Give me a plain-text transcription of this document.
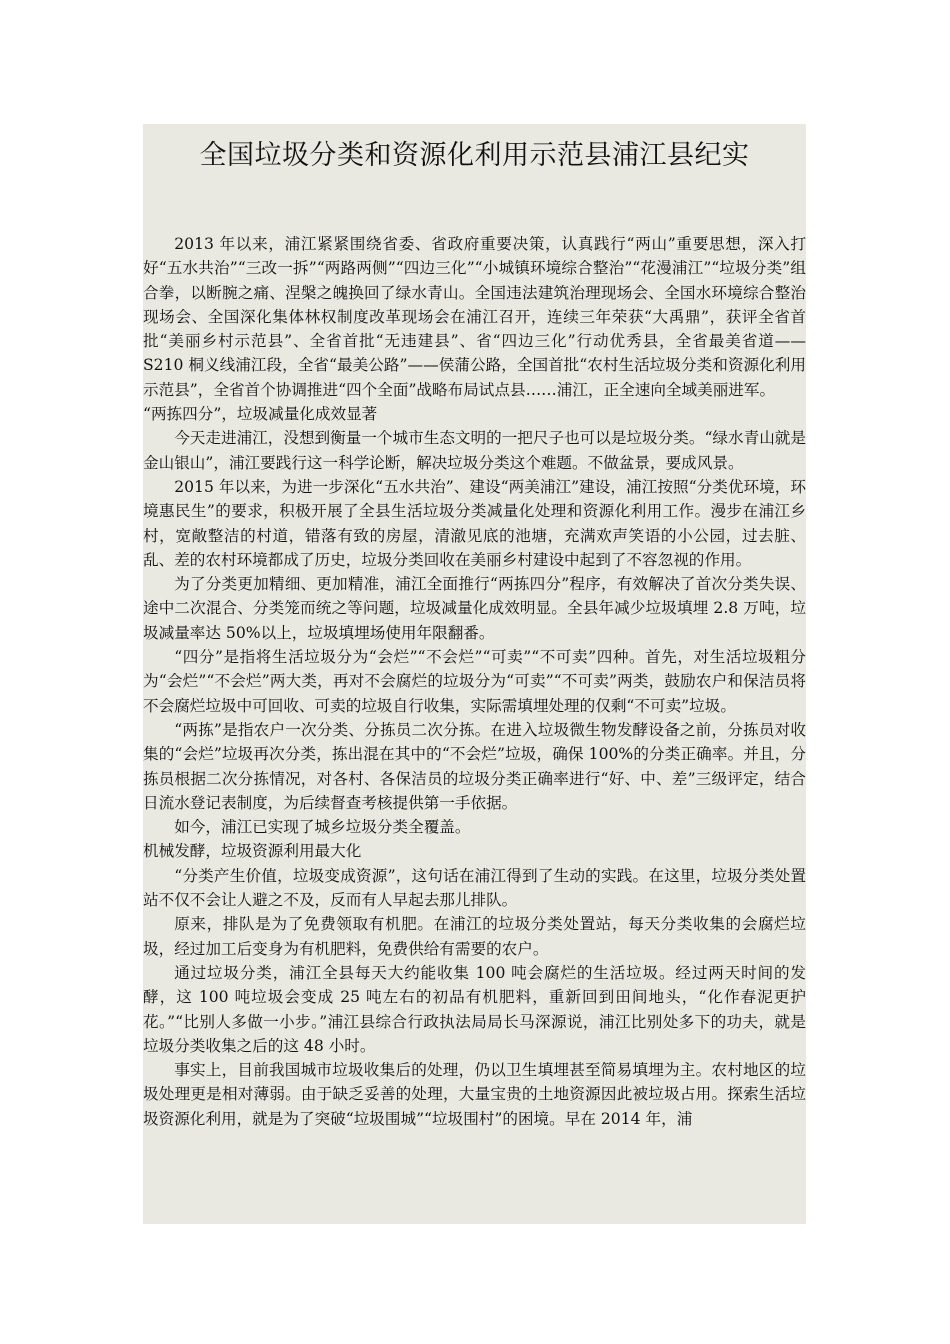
全国垃圾分类和资源化利用示范县浦江县纪实

2013 年以来，浦江紧紧围绕省委、省政府重要决策，认真践行“两山”重要思想，深入打好“五水共治”“三改一拆”“两路两侧”“四边三化”“小城镇环境综合整治”“花漫浦江”“垃圾分类”组合拳，以断腕之痛、涅槃之魄换回了绿水青山。全国违法建筑治理现场会、全国水环境综合整治现场会、全国深化集体林权制度改革现场会在浦江召开，连续三年荣获“大禹鼎”，获评全省首批“美丽乡村示范县”、全省首批“无违建县”、省“四边三化”行动优秀县，全省最美省道——S210 桐义线浦江段，全省“最美公路”——侯蒲公路，全国首批“农村生活垃圾分类和资源化利用示范县”，全省首个协调推进“四个全面”战略布局试点县……浦江，正全速向全域美丽进军。

“两拣四分”，垃圾减量化成效显著

今天走进浦江，没想到衡量一个城市生态文明的一把尺子也可以是垃圾分类。“绿水青山就是金山银山”，浦江要践行这一科学论断，解决垃圾分类这个难题。不做盆景，要成风景。

2015 年以来，为进一步深化“五水共治”、建设“两美浦江”建设，浦江按照“分类优环境，环境惠民生”的要求，积极开展了全县生活垃圾分类减量化处理和资源化利用工作。漫步在浦江乡村，宽敞整洁的村道，错落有致的房屋，清澈见底的池塘，充满欢声笑语的小公园，过去脏、乱、差的农村环境都成了历史，垃圾分类回收在美丽乡村建设中起到了不容忽视的作用。

为了分类更加精细、更加精准，浦江全面推行“两拣四分”程序，有效解决了首次分类失误、途中二次混合、分类笼而统之等问题，垃圾减量化成效明显。全县年减少垃圾填埋 2.8 万吨，垃圾减量率达 50%以上，垃圾填埋场使用年限翻番。

“四分”是指将生活垃圾分为“会烂”“不会烂”“可卖”“不可卖”四种。首先，对生活垃圾粗分为“会烂”“不会烂”两大类，再对不会腐烂的垃圾分为“可卖”“不可卖”两类，鼓励农户和保洁员将不会腐烂垃圾中可回收、可卖的垃圾自行收集，实际需填埋处理的仅剩“不可卖”垃圾。

“两拣”是指农户一次分类、分拣员二次分拣。在进入垃圾微生物发酵设备之前，分拣员对收集的“会烂”垃圾再次分类，拣出混在其中的“不会烂”垃圾，确保 100%的分类正确率。并且，分拣员根据二次分拣情况，对各村、各保洁员的垃圾分类正确率进行“好、中、差”三级评定，结合日流水登记表制度，为后续督查考核提供第一手依据。

如今，浦江已实现了城乡垃圾分类全覆盖。

机械发酵，垃圾资源利用最大化

“分类产生价值，垃圾变成资源”，这句话在浦江得到了生动的实践。在这里，垃圾分类处置站不仅不会让人避之不及，反而有人早起去那儿排队。

原来，排队是为了免费领取有机肥。在浦江的垃圾分类处置站，每天分类收集的会腐烂垃圾，经过加工后变身为有机肥料，免费供给有需要的农户。

通过垃圾分类，浦江全县每天大约能收集 100 吨会腐烂的生活垃圾。经过两天时间的发酵，这 100 吨垃圾会变成 25 吨左右的初品有机肥料，重新回到田间地头，“化作春泥更护花。”“比别人多做一小步。”浦江县综合行政执法局局长马深源说，浦江比别处多下的功夫，就是垃圾分类收集之后的这 48 小时。

事实上，目前我国城市垃圾收集后的处理，仍以卫生填埋甚至简易填埋为主。农村地区的垃圾处理更是相对薄弱。由于缺乏妥善的处理，大量宝贵的土地资源因此被垃圾占用。探索生活垃圾资源化利用，就是为了突破“垃圾围城”“垃圾围村”的困境。早在 2014 年，浦
